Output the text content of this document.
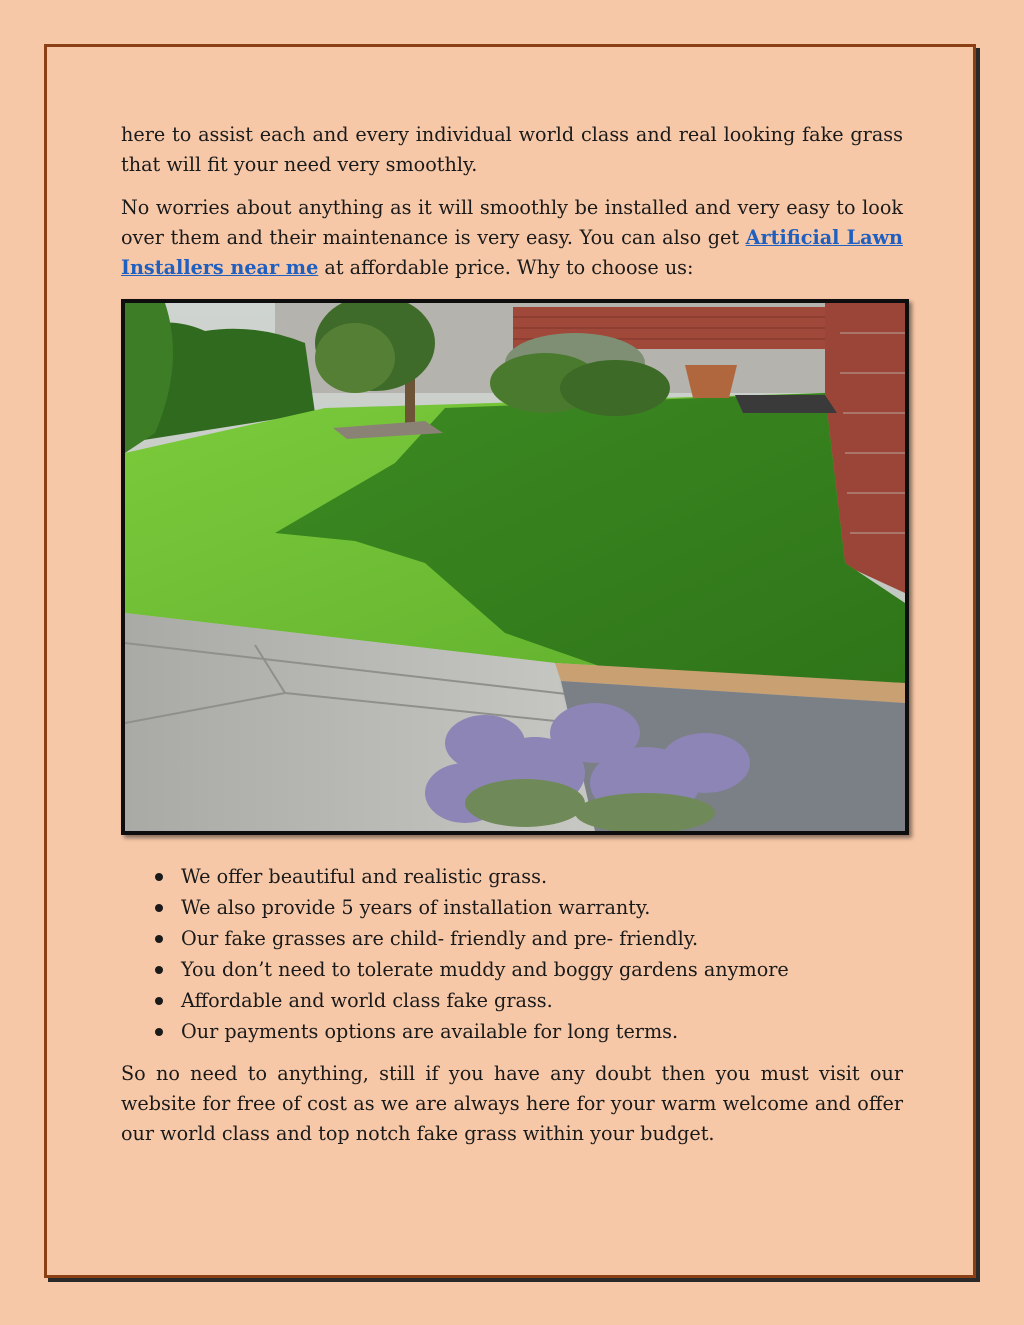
here to assist each and every individual world class and real looking fake grass that will fit your need very smoothly.

No worries about anything as it will smoothly be installed and very easy to look over them and their maintenance is very easy. You can also get Artificial Lawn Installers near me at affordable price. Why to choose us:

We offer beautiful and realistic grass.
We also provide 5 years of installation warranty.
Our fake grasses are child- friendly and pre- friendly.
You don’t need to tolerate muddy and boggy gardens anymore
Affordable and world class fake grass.
Our payments options are available for long terms.

So no need to anything, still if you have any doubt then you must visit our website for free of cost as we are always here for your warm welcome and offer our world class and top notch fake grass within your budget.
